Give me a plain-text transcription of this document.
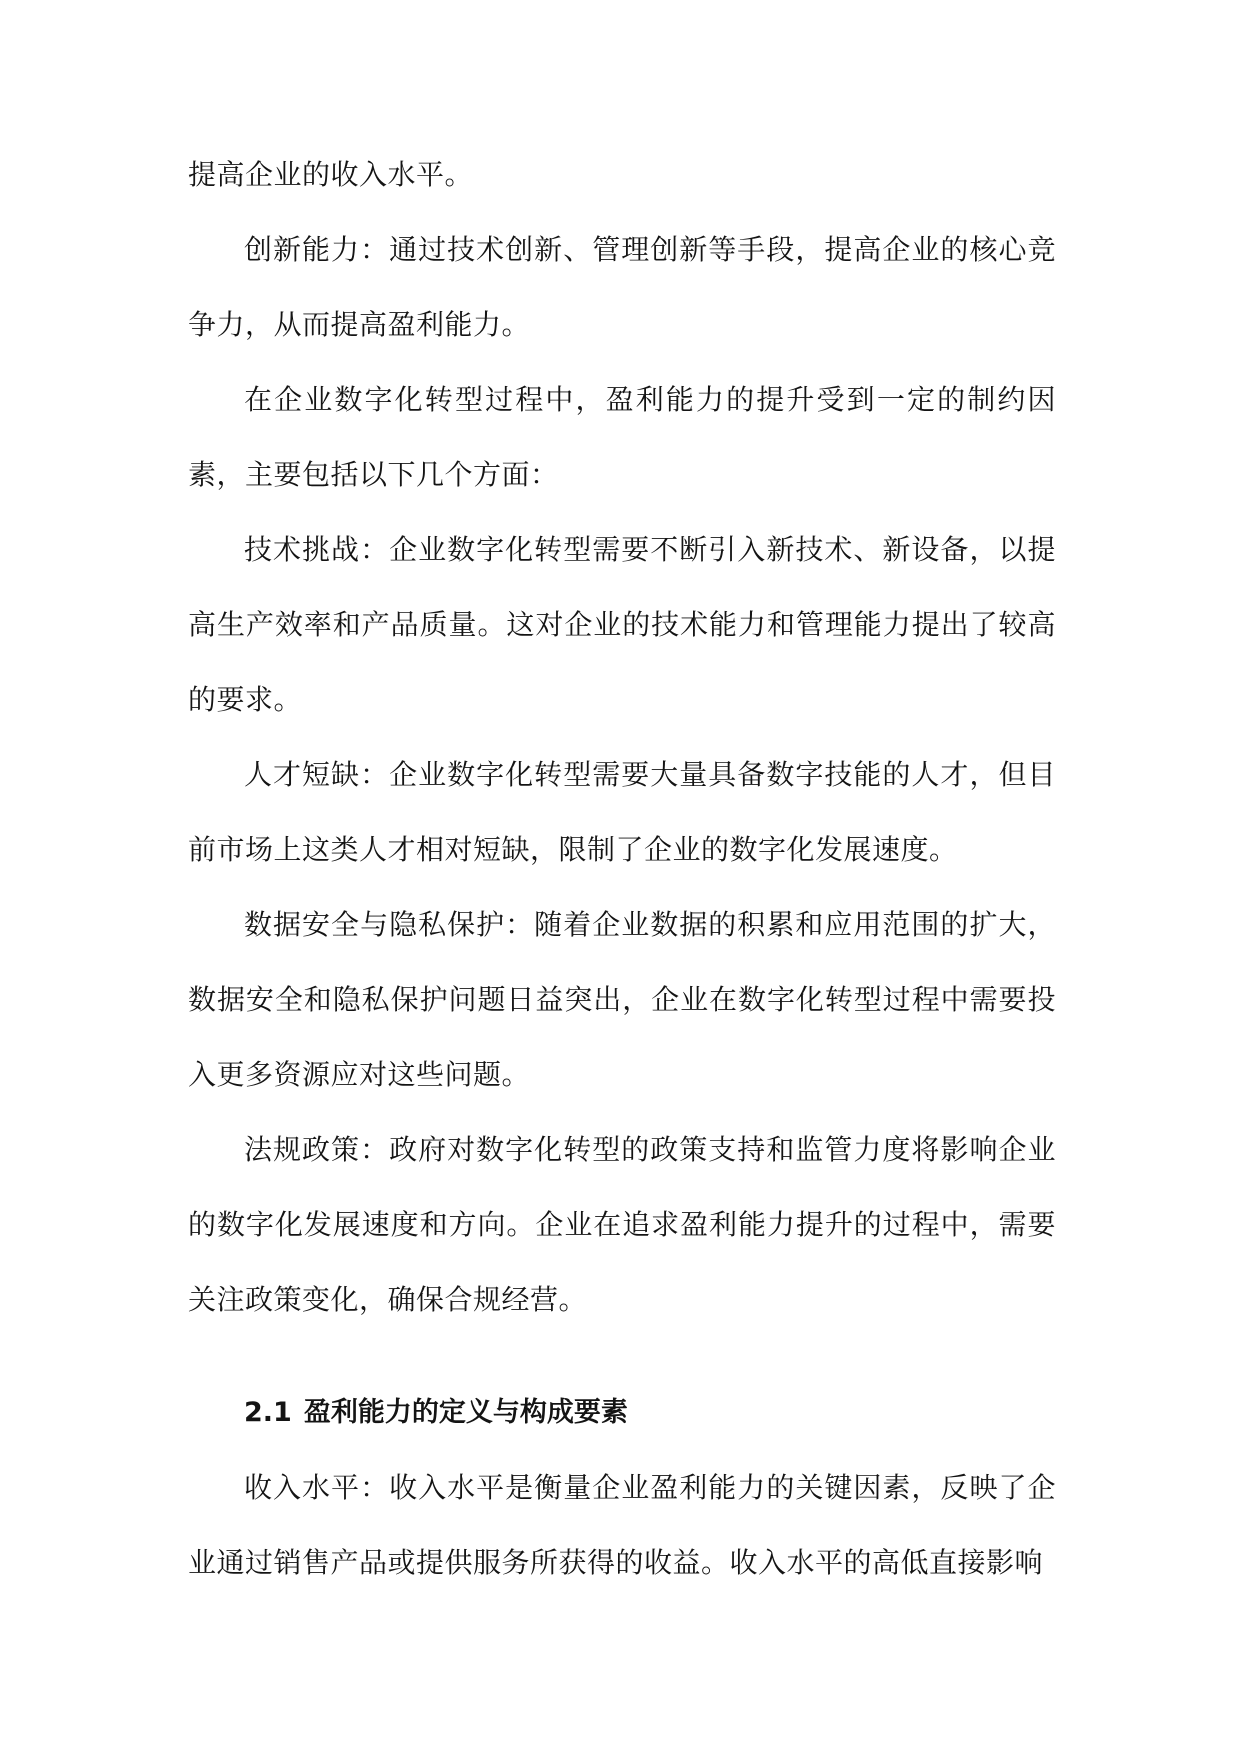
提高企业的收入水平。

创新能力：通过技术创新、管理创新等手段，提高企业的核心竞争力，从而提高盈利能力。

在企业数字化转型过程中，盈利能力的提升受到一定的制约因素，主要包括以下几个方面：

技术挑战：企业数字化转型需要不断引入新技术、新设备，以提高生产效率和产品质量。这对企业的技术能力和管理能力提出了较高的要求。

人才短缺：企业数字化转型需要大量具备数字技能的人才，但目前市场上这类人才相对短缺，限制了企业的数字化发展速度。

数据安全与隐私保护：随着企业数据的积累和应用范围的扩大，数据安全和隐私保护问题日益突出，企业在数字化转型过程中需要投入更多资源应对这些问题。

法规政策：政府对数字化转型的政策支持和监管力度将影响企业的数字化发展速度和方向。企业在追求盈利能力提升的过程中，需要关注政策变化，确保合规经营。

2.1 盈利能力的定义与构成要素

收入水平：收入水平是衡量企业盈利能力的关键因素，反映了企业通过销售产品或提供服务所获得的收益。收入水平的高低直接影响
